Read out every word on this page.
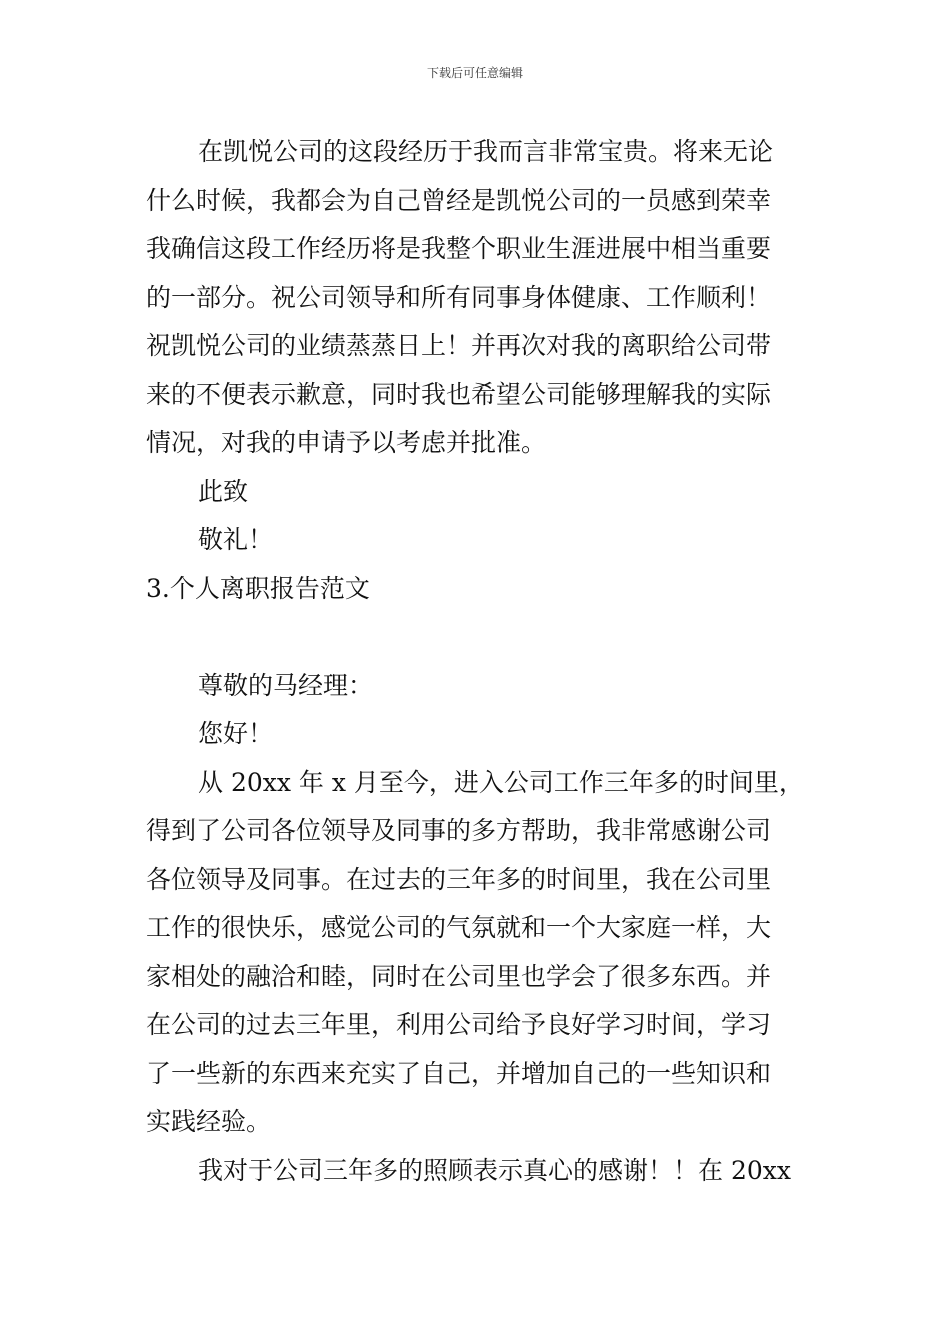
下载后可任意编辑
在凯悦公司的这段经历于我而言非常宝贵。将来无论
什么时候，我都会为自己曾经是凯悦公司的一员感到荣幸
我确信这段工作经历将是我整个职业生涯进展中相当重要
的一部分。祝公司领导和所有同事身体健康、工作顺利！
祝凯悦公司的业绩蒸蒸日上！并再次对我的离职给公司带
来的不便表示歉意，同时我也希望公司能够理解我的实际
情况，对我的申请予以考虑并批准。
此致
敬礼！
3.个人离职报告范文
尊敬的马经理：
您好！
从 20xx 年 x 月至今，进入公司工作三年多的时间里，
得到了公司各位领导及同事的多方帮助，我非常感谢公司
各位领导及同事。在过去的三年多的时间里，我在公司里
工作的很快乐，感觉公司的气氛就和一个大家庭一样，大
家相处的融洽和睦，同时在公司里也学会了很多东西。并
在公司的过去三年里，利用公司给予良好学习时间，学习
了一些新的东西来充实了自己，并增加自己的一些知识和
实践经验。
我对于公司三年多的照顾表示真心的感谢！！在 20xx
